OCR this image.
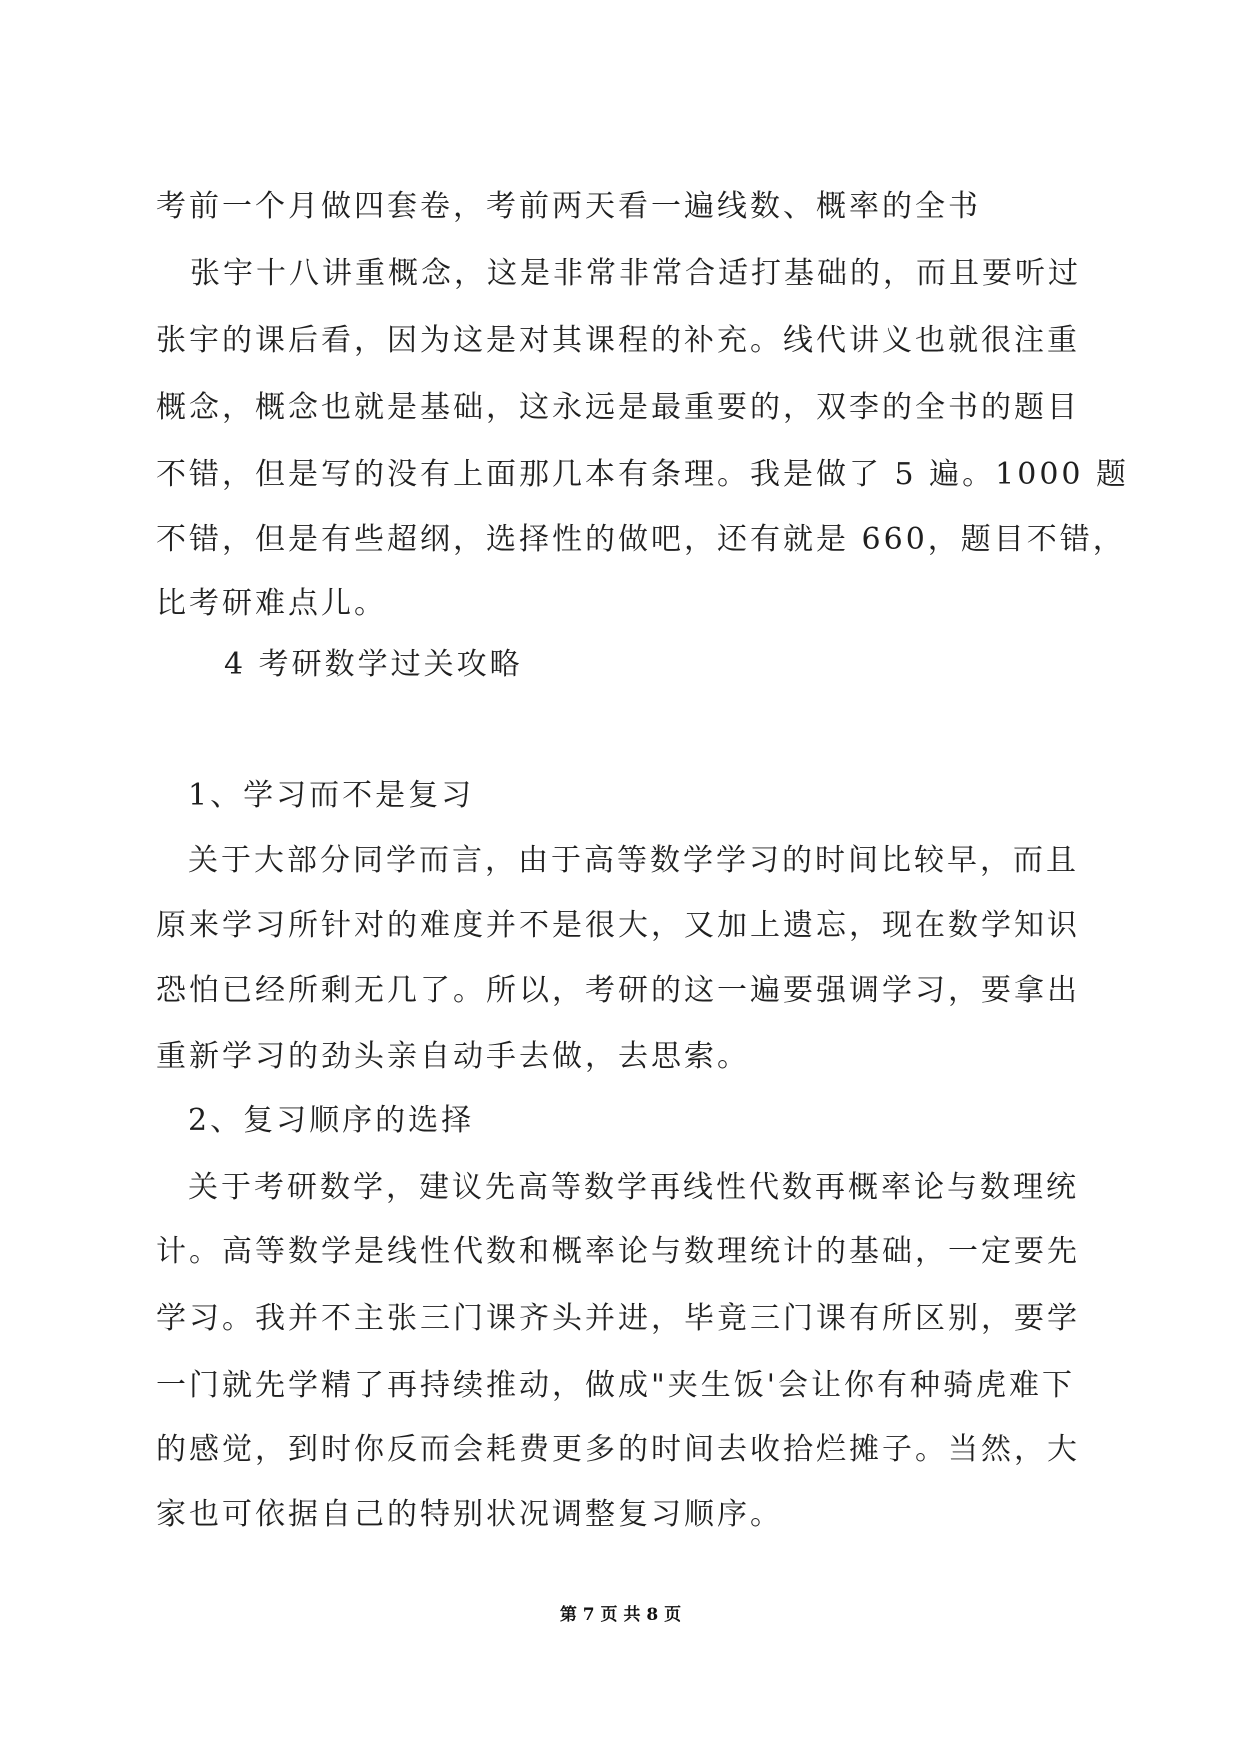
考前一个月做四套卷，考前两天看一遍线数、概率的全书
张宇十八讲重概念，这是非常非常合适打基础的，而且要听过
张宇的课后看，因为这是对其课程的补充。线代讲义也就很注重
概念，概念也就是基础，这永远是最重要的，双李的全书的题目
不错，但是写的没有上面那几本有条理。我是做了 5 遍。1000 题
不错，但是有些超纲，选择性的做吧，还有就是 660，题目不错，
比考研难点儿。
4 考研数学过关攻略
1、学习而不是复习
关于大部分同学而言，由于高等数学学习的时间比较早，而且
原来学习所针对的难度并不是很大，又加上遗忘，现在数学知识
恐怕已经所剩无几了。所以，考研的这一遍要强调学习，要拿出
重新学习的劲头亲自动手去做，去思索。
2、复习顺序的选择
关于考研数学，建议先高等数学再线性代数再概率论与数理统
计。高等数学是线性代数和概率论与数理统计的基础，一定要先
学习。我并不主张三门课齐头并进，毕竟三门课有所区别，要学
一门就先学精了再持续推动，做成"夹生饭'会让你有种骑虎难下
的感觉，到时你反而会耗费更多的时间去收拾烂摊子。当然，大
家也可依据自己的特别状况调整复习顺序。
第 7 页 共 8 页
